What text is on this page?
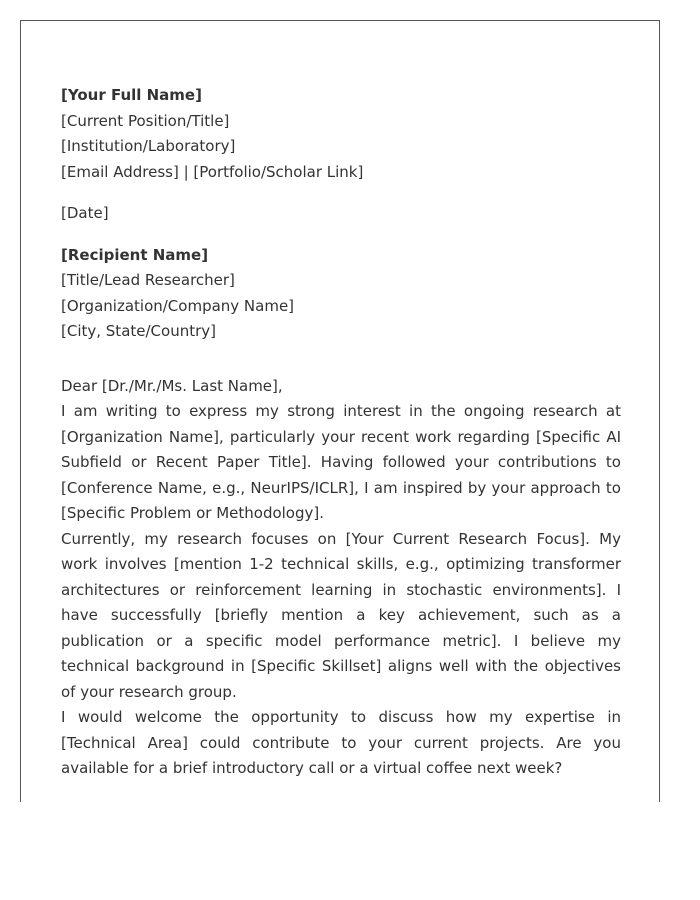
[Your Full Name]
[Current Position/Title]
[Institution/Laboratory]
[Email Address] | [Portfolio/Scholar Link]
[Date]
[Recipient Name]
[Title/Lead Researcher]
[Organization/Company Name]
[City, State/Country]
Dear [Dr./Mr./Ms. Last Name],

I am writing to express my strong interest in the ongoing research at [Organization Name], particularly your recent work regarding [Specific AI Subfield or Recent Paper Title]. Having followed your contributions to [Conference Name, e.g., NeurIPS/ICLR], I am inspired by your approach to [Specific Problem or Methodology].

Currently, my research focuses on [Your Current Research Focus]. My work involves [mention 1-2 technical skills, e.g., optimizing transformer architectures or reinforcement learning in stochastic environments]. I have successfully [briefly mention a key achievement, such as a publication or a specific model performance metric]. I believe my technical background in [Specific Skillset] aligns well with the objectives of your research group.

I would welcome the opportunity to discuss how my expertise in [Technical Area] could contribute to your current projects. Are you available for a brief introductory call or a virtual coffee next week?
